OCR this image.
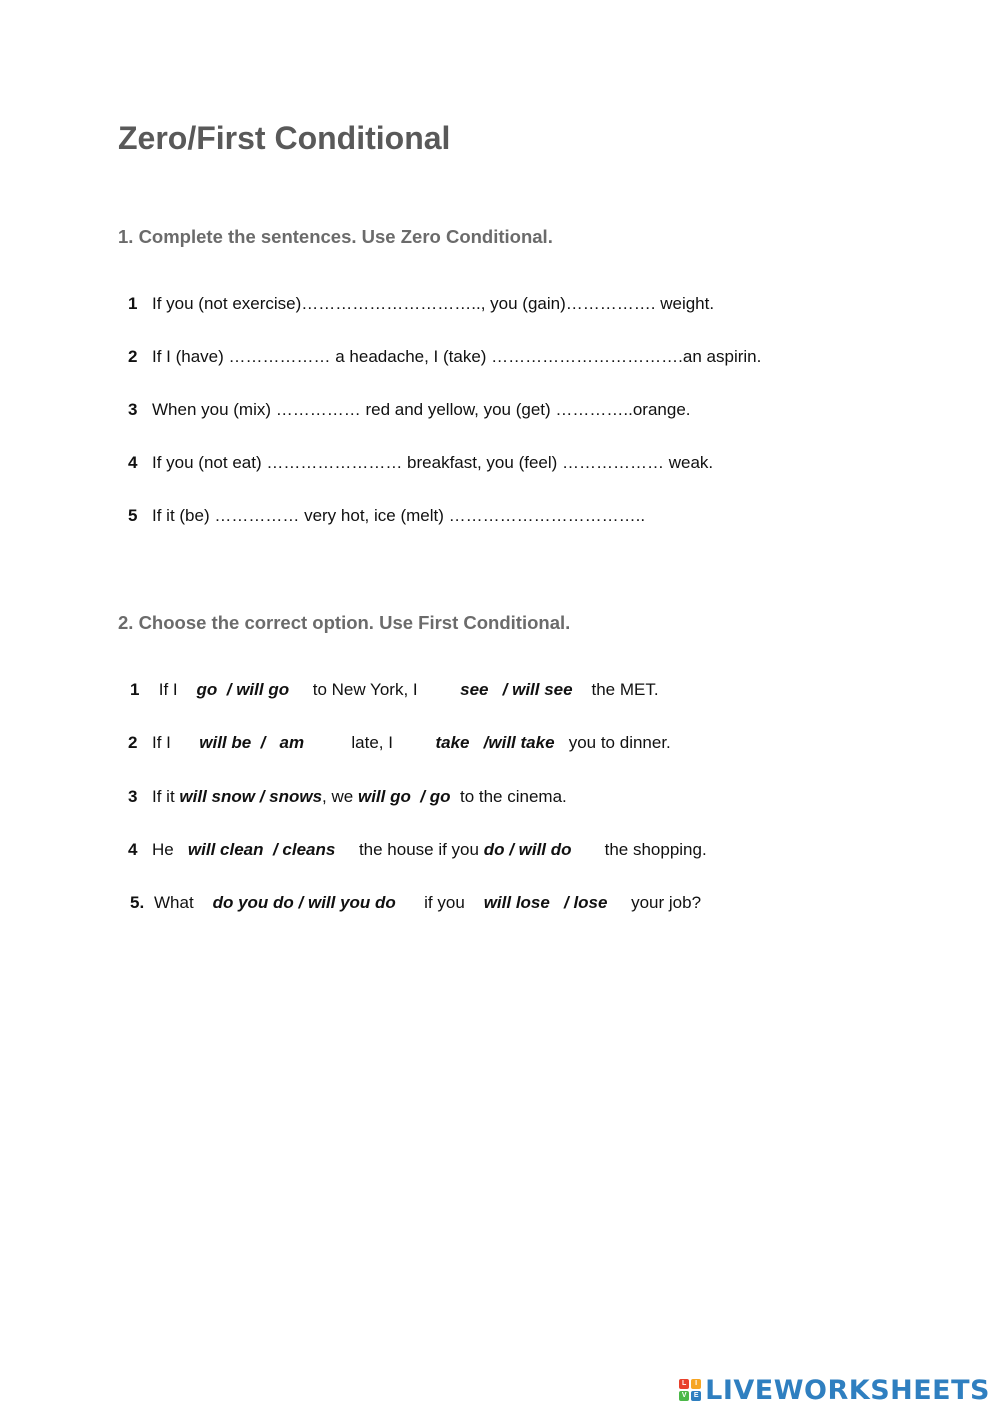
Zero/First Conditional
1. Complete the sentences. Use Zero Conditional.
1 If you (not exercise)………………………….., you (gain)……………. weight.
2 If I (have) ……………… a headache, I (take) …………………………….an aspirin.
3 When you (mix) …………… red and yellow, you (get) …………..orange.
4 If you (not eat) …………………… breakfast, you (feel) ……………… weak.
5 If it (be) …………… very hot, ice (melt) ……………………………..
2. Choose the correct option. Use First Conditional.
1 If I go  / will go to New York, I	see   / will see the MET.
2 If I will be  /   am	late, I	take   /will take you to dinner.
3 If it will snow / snows, we will go  / go to the cinema.
4 He will clean  / cleans the house if you do / will do the shopping.
5. What do you do / will you do if you will lose   / lose your job?
L	I
V	E LIVEWORKSHEETS
